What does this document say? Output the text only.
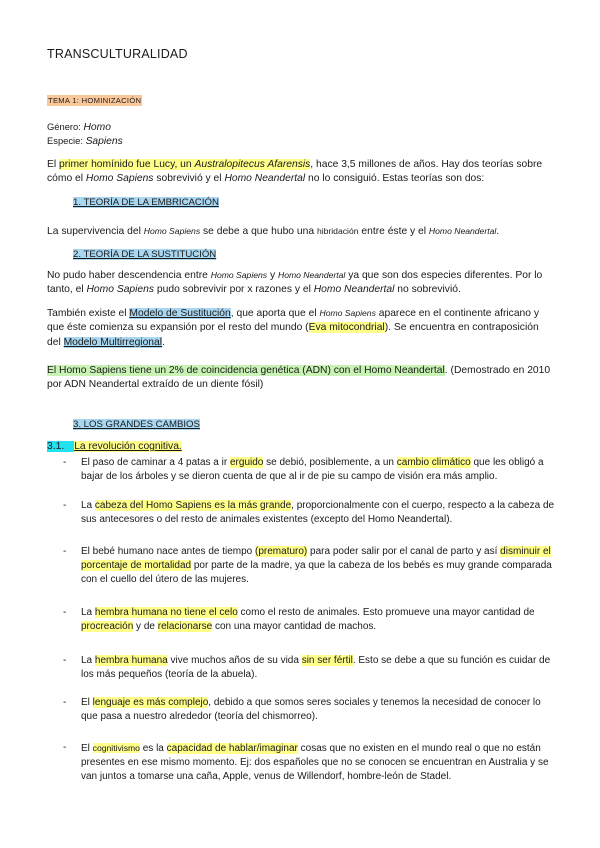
TRANSCULTURALIDAD
TEMA 1: HOMINIZACIÓN
Género: Homo
Especie: Sapiens
El primer homínido fue Lucy, un Australopitecus Afarensis, hace 3,5 millones de años. Hay dos teorías sobre cómo el Homo Sapiens sobrevivió y el Homo Neandertal no lo consiguió. Estas teorías son dos:
1. TEORÍA DE LA EMBRICACIÓN
La supervivencia del Homo Sapiens se debe a que hubo una hibridación entre éste y el Homo Neandertal.
2. TEORÍA DE LA SUSTITUCIÓN
No pudo haber descendencia entre Homo Sapiens y Homo Neandertal ya que son dos especies diferentes. Por lo tanto, el Homo Sapiens pudo sobrevivir por x razones y el Homo Neandertal no sobrevivió.
También existe el Modelo de Sustitución, que aporta que el Homo Sapiens aparece en el continente africano y que éste comienza su expansión por el resto del mundo (Eva mitocondrial). Se encuentra en contraposición del Modelo Multirregional.
El Homo Sapiens tiene un 2% de coincidencia genética (ADN) con el Homo Neandertal. (Demostrado en 2010 por ADN Neandertal extraído de un diente fósil)
3. LOS GRANDES CAMBIOS
3.1. La revolución cognitiva.
- El paso de caminar a 4 patas a ir erguido se debió, posiblemente, a un cambio climático que les obligó a bajar de los árboles y se dieron cuenta de que al ir de pie su campo de visión era más amplio.
- La cabeza del Homo Sapiens es la más grande, proporcionalmente con el cuerpo, respecto a la cabeza de sus antecesores o del resto de animales existentes (excepto del Homo Neandertal).
- El bebé humano nace antes de tiempo (prematuro) para poder salir por el canal de parto y así disminuir el porcentaje de mortalidad por parte de la madre, ya que la cabeza de los bebés es muy grande comparada con el cuello del útero de las mujeres.
- La hembra humana no tiene el celo como el resto de animales. Esto promueve una mayor cantidad de procreación y de relacionarse con una mayor cantidad de machos.
- La hembra humana vive muchos años de su vida sin ser fértil. Esto se debe a que su función es cuidar de los más pequeños (teoría de la abuela).
- El lenguaje es más complejo, debido a que somos seres sociales y tenemos la necesidad de conocer lo que pasa a nuestro alrededor (teoría del chismorreo).
- El cognitivismo es la capacidad de hablar/imaginar cosas que no existen en el mundo real o que no están presentes en ese mismo momento. Ej: dos españoles que no se conocen se encuentran en Australia y se van juntos a tomarse una caña, Apple, venus de Willendorf, hombre-león de Stadel.
